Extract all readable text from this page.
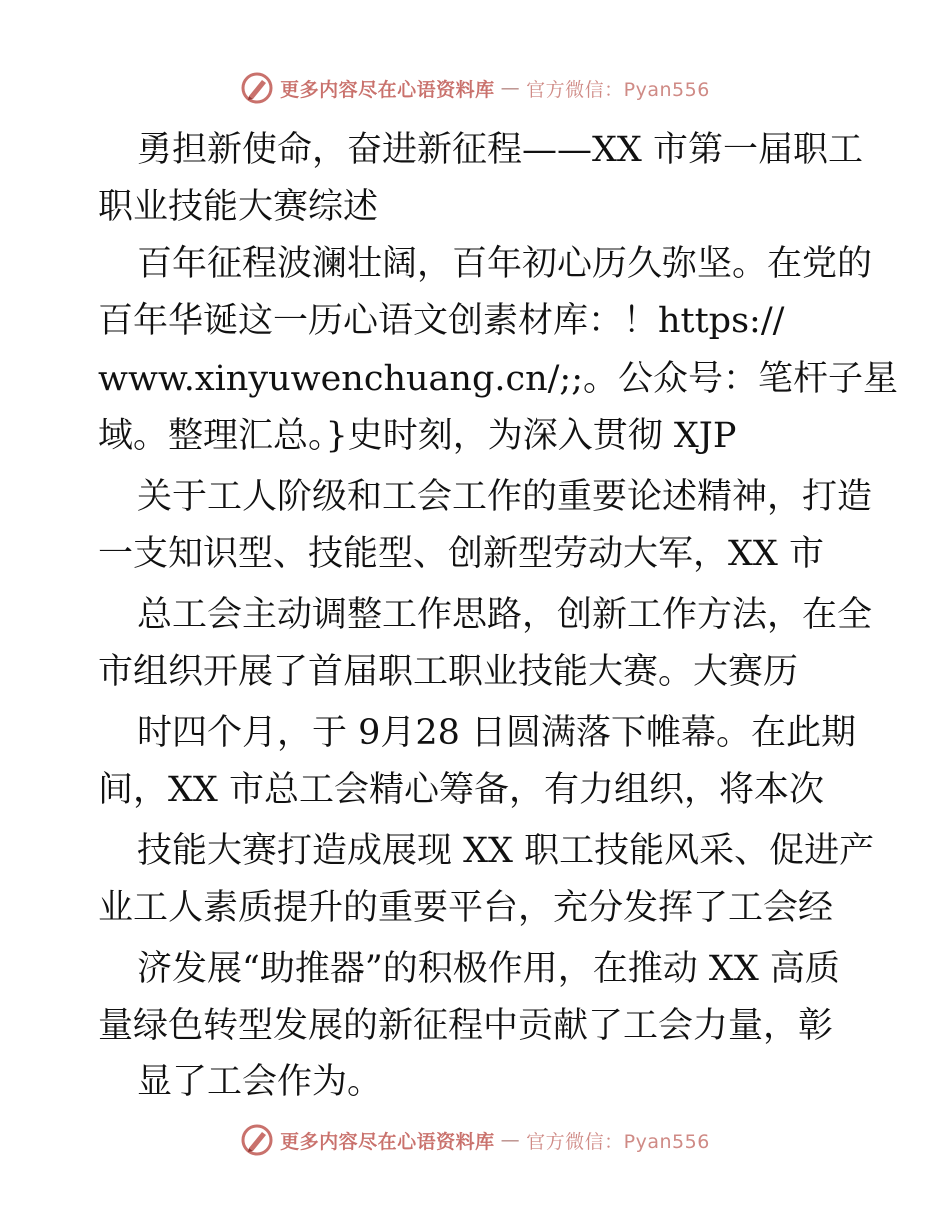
更多内容尽在心语资料库 — 官方微信：Pyan556
勇担新使命，奋进新征程——XX 市第一届职工
职业技能大赛综述
百年征程波澜壮阔，百年初心历久弥坚。在党的
百年华诞这一历心语文创素材库：！https://
www.xinyuwenchuang.cn/;;。公众号：笔杆子星
域。整理汇总。}史时刻，为深入贯彻 XJP
关于工人阶级和工会工作的重要论述精神，打造
一支知识型、技能型、创新型劳动大军，XX 市
总工会主动调整工作思路，创新工作方法，在全
市组织开展了首届职工职业技能大赛。大赛历
时四个月，于 9月28 日圆满落下帷幕。在此期
间，XX 市总工会精心筹备，有力组织，将本次
技能大赛打造成展现 XX 职工技能风采、促进产
业工人素质提升的重要平台，充分发挥了工会经
济发展“助推器”的积极作用，在推动 XX 高质
量绿色转型发展的新征程中贡献了工会力量，彰
显了工会作为。
更多内容尽在心语资料库 — 官方微信：Pyan556
